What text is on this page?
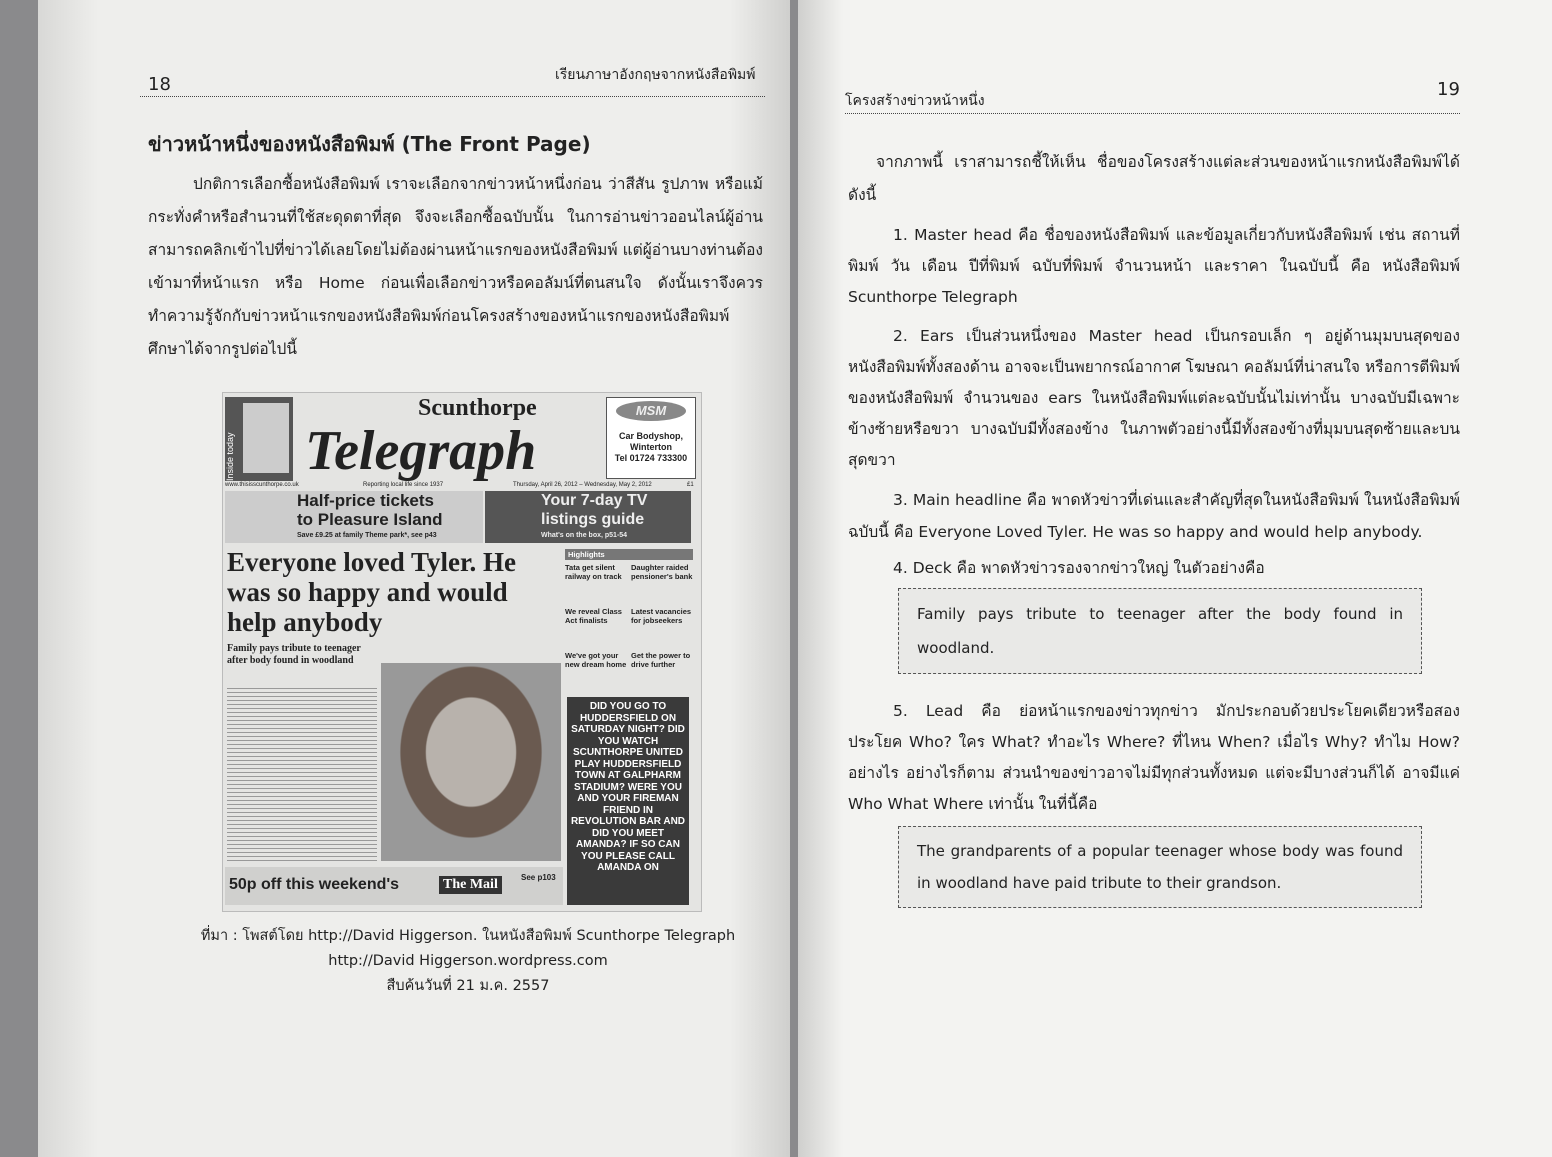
18	เรียนภาษาอังกฤษจากหนังสือพิมพ์
ข่าวหน้าหนึ่งของหนังสือพิมพ์ (The Front Page)
ปกติการเลือกซื้อหนังสือพิมพ์ เราจะเลือกจากข่าวหน้าหนึ่งก่อน ว่าสีสัน รูปภาพ หรือแม้กระทั่งคำหรือสำนวนที่ใช้สะดุดตาที่สุด จึงจะเลือกซื้อฉบับนั้น ในการอ่านข่าวออนไลน์ผู้อ่านสามารถคลิกเข้าไปที่ข่าวได้เลยโดยไม่ต้องผ่านหน้าแรกของหนังสือพิมพ์ แต่ผู้อ่านบางท่านต้องเข้ามาที่หน้าแรก หรือ Home ก่อนเพื่อเลือกข่าวหรือคอลัมน์ที่ตนสนใจ ดังนั้นเราจึงควรทำความรู้จักกับข่าวหน้าแรกของหนังสือพิมพ์ก่อนโครงสร้างของหน้าแรกของหนังสือพิมพ์ ศึกษาได้จากรูปต่อไปนี้
Inside today
Scunthorpe
Telegraph
MSM
Car Bodyshop,
Winterton
Tel 01724 733300
www.thisisscunthorpe.co.uk	Reporting local life since 1937	Thursday, April 26, 2012 – Wednesday, May 2, 2012	£1
Half-price tickets
to Pleasure Island
Save £9.25 at family Theme park*, see p43
Your 7-day TV
listings guide
What's on the box, p51-54
Everyone loved Tyler. He was so happy and would help anybody
Family pays tribute to teenager after body found in woodland
Highlights
Tata get silent railway on track
Daughter raided pensioner's bank
We reveal Class Act finalists
Latest vacancies for jobseekers
We've got your new dream home
Get the power to drive further
DID YOU GO TO HUDDERSFIELD ON SATURDAY NIGHT? DID YOU WATCH SCUNTHORPE UNITED PLAY HUDDERSFIELD TOWN AT GALPHARM STADIUM? WERE YOU AND YOUR FIREMAN FRIEND IN REVOLUTION BAR AND DID YOU MEET AMANDA? IF SO CAN YOU PLEASE CALL AMANDA ON
50p off this weekend's	The Mail	See p103
ที่มา : โพสต์โดย http://David Higgerson. ในหนังสือพิมพ์ Scunthorpe Telegraph
http://David Higgerson.wordpress.com
สืบค้นวันที่ 21 ม.ค. 2557
โครงสร้างข่าวหน้าหนึ่ง
19
จากภาพนี้ เราสามารถชี้ให้เห็น ชื่อของโครงสร้างแต่ละส่วนของหน้าแรกหนังสือพิมพ์ได้ดังนี้
1. Master head คือ ชื่อของหนังสือพิมพ์ และข้อมูลเกี่ยวกับหนังสือพิมพ์ เช่น สถานที่พิมพ์ วัน เดือน ปีที่พิมพ์ ฉบับที่พิมพ์ จำนวนหน้า และราคา ในฉบับนี้ คือ หนังสือพิมพ์ Scunthorpe Telegraph
2. Ears เป็นส่วนหนึ่งของ Master head เป็นกรอบเล็ก ๆ อยู่ด้านมุมบนสุดของหนังสือพิมพ์ทั้งสองด้าน อาจจะเป็นพยากรณ์อากาศ โฆษณา คอลัมน์ที่น่าสนใจ หรือการตีพิมพ์ของหนังสือพิมพ์ จำนวนของ ears ในหนังสือพิมพ์แต่ละฉบับนั้นไม่เท่านั้น บางฉบับมีเฉพาะข้างซ้ายหรือขวา บางฉบับมีทั้งสองข้าง ในภาพตัวอย่างนี้มีทั้งสองข้างที่มุมบนสุดซ้ายและบนสุดขวา
3. Main headline คือ พาดหัวข่าวที่เด่นและสำคัญที่สุดในหนังสือพิมพ์ ในหนังสือพิมพ์ฉบับนี้ คือ Everyone Loved Tyler. He was so happy and would help anybody.
4. Deck คือ พาดหัวข่าวรองจากข่าวใหญ่ ในตัวอย่างคือ
Family pays tribute to teenager after the body found in woodland.
5. Lead คือ ย่อหน้าแรกของข่าวทุกข่าว มักประกอบด้วยประโยคเดียวหรือสองประโยค Who? ใคร What? ทำอะไร Where? ที่ไหน When? เมื่อไร Why? ทำไม How? อย่างไร อย่างไรก็ตาม ส่วนนำของข่าวอาจไม่มีทุกส่วนทั้งหมด แต่จะมีบางส่วนก็ได้ อาจมีแค่ Who What Where เท่านั้น ในที่นี้คือ
The grandparents of a popular teenager whose body was found in woodland have paid tribute to their grandson.
